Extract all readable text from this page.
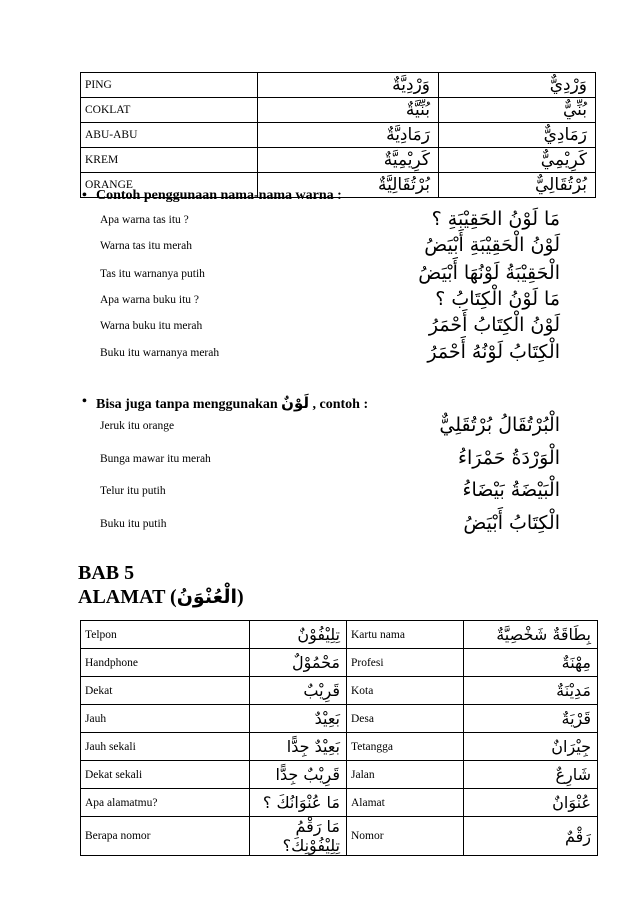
PING	وَرْدِيَّةٌ	وَرْدِيٌّ
COKLAT	بُنِّيَّةٌ	بُنِّيٌّ
ABU-ABU	رَمَادِيَّةٌ	رَمَادِيٌّ
KREM	كَرِيْمِيَّةٌ	كَرِيْمِيٌّ
ORANGE	بُرْتُقَالِيَّةٌ	بُرْتُقَالِيٌّ
• Contoh penggunaan nama-nama warna :
Apa warna tas itu ?	مَا لَوْنُ الحَقِيْبَةِ ؟
Warna tas itu merah	لَوْنُ الْحَقِيْبَةِ أَبْيَضُ
Tas itu warnanya putih	الْحَقِيْبَةُ لَوْنُهَا أَبْيَضُ
Apa warna buku itu ?	مَا لَوْنُ الْكِتَابُ ؟
Warna buku itu merah	لَوْنُ الْكِتَابُ أَحْمَرُ
Buku itu warnanya merah	الْكِتَابُ لَوْنُهُ أَحْمَرُ
• Bisa juga tanpa menggunakan لَوْنٌ , contoh :
Jeruk itu orange	الْبُرْتُقَالُ بُرْتُقَلِيٌّ
Bunga mawar itu merah	الْوَرْدَةُ حَمْرَاءُ
Telur itu putih	الْبَيْضَةُ بَيْضَاءُ
Buku itu putih	الْكِتَابُ أَبْيَضُ
BAB 5
ALAMAT (الْعُنْوَنُ)
Telpon	تِلِيْفُوْنٌ	Kartu nama	بِطَاقَةٌ شَخْصِيَّةٌ
Handphone	مَحْمُوْلٌ	Profesi	مِهْنَةٌ
Dekat	قَرِيْبٌ	Kota	مَدِيْنَةٌ
Jauh	بَعِيْدٌ	Desa	قَرْيَةٌ
Jauh sekali	بَعِيْدٌ جِدًّا	Tetangga	جِيْرَانٌ
Dekat sekali	قَرِيْبٌ جِدًّا	Jalan	شَارِعٌ
Apa alamatmu?	مَا عُنْوَانُكَ ؟	Alamat	عُنْوَانٌ
Berapa nomor	مَا رَقْمُ تِلِيْفُوْنِكَ؟	Nomor	رَقْمٌ
